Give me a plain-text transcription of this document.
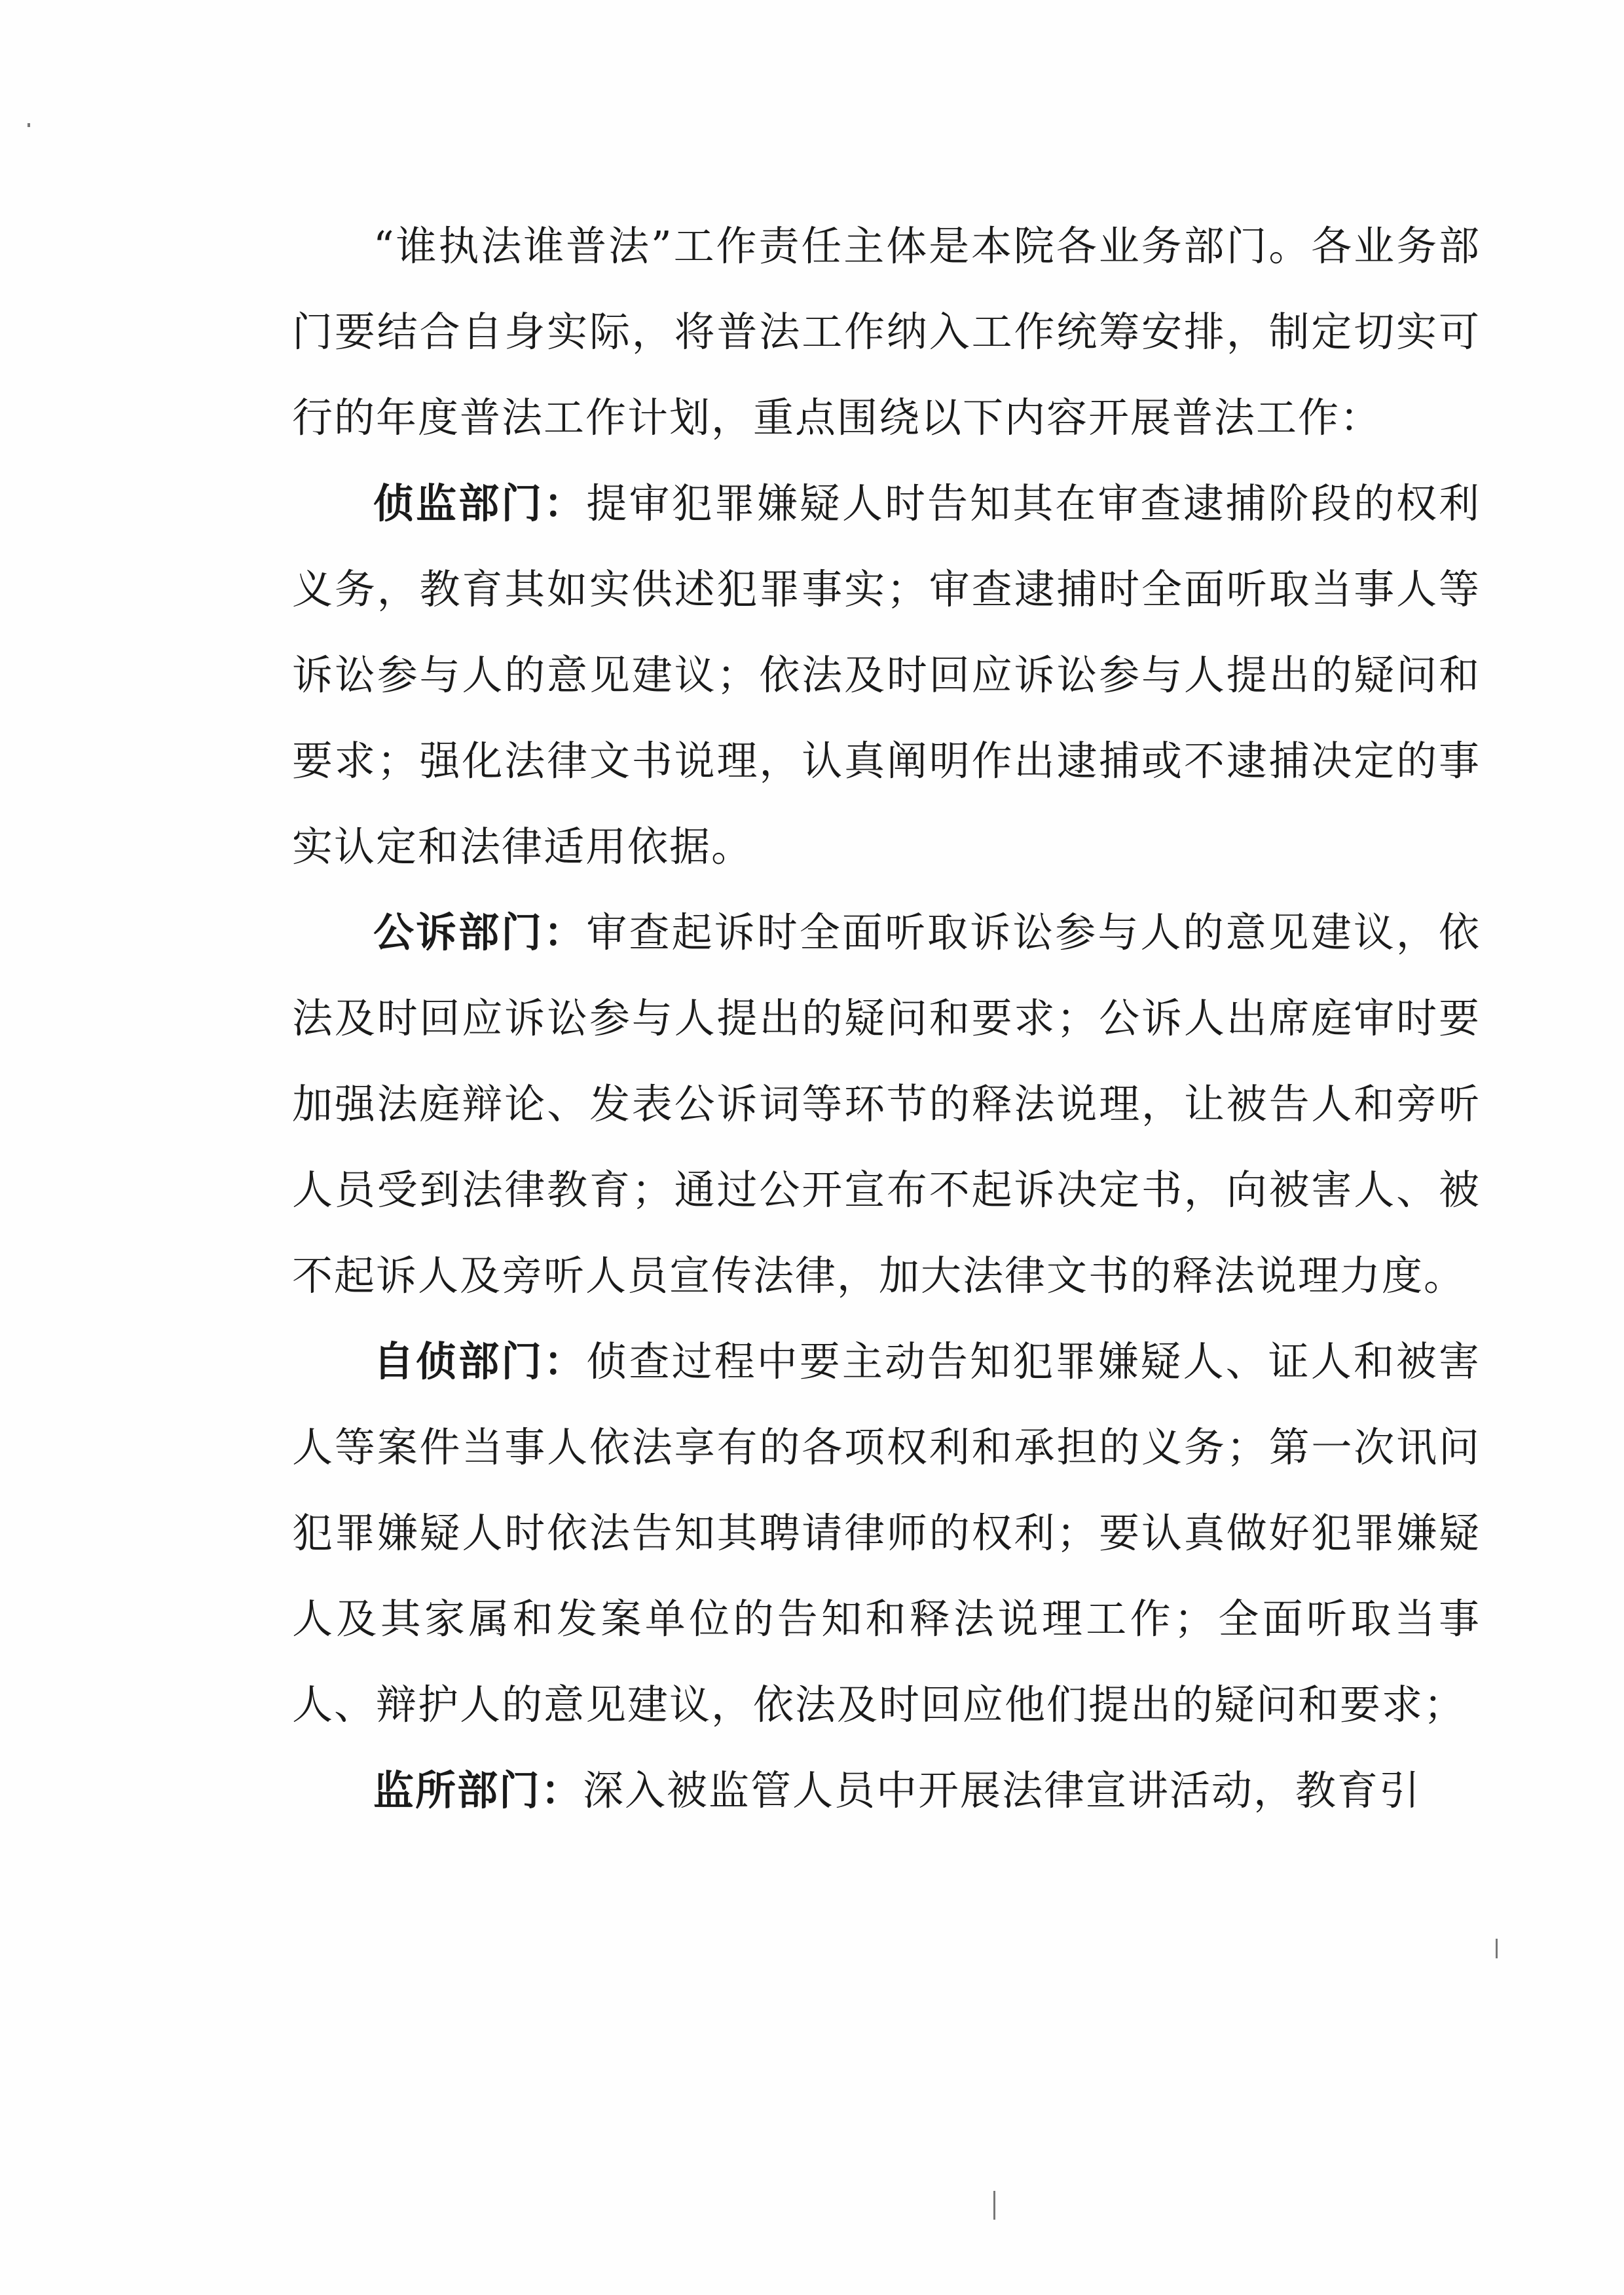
“谁执法谁普法”工作责任主体是本院各业务部门。各业务部门要结合自身实际，将普法工作纳入工作统筹安排，制定切实可行的年度普法工作计划，重点围绕以下内容开展普法工作：

侦监部门：提审犯罪嫌疑人时告知其在审查逮捕阶段的权利义务，教育其如实供述犯罪事实；审查逮捕时全面听取当事人等诉讼参与人的意见建议；依法及时回应诉讼参与人提出的疑问和要求；强化法律文书说理，认真阐明作出逮捕或不逮捕决定的事实认定和法律适用依据。

公诉部门：审查起诉时全面听取诉讼参与人的意见建议，依法及时回应诉讼参与人提出的疑问和要求；公诉人出席庭审时要加强法庭辩论、发表公诉词等环节的释法说理，让被告人和旁听人员受到法律教育；通过公开宣布不起诉决定书，向被害人、被不起诉人及旁听人员宣传法律，加大法律文书的释法说理力度。

自侦部门：侦查过程中要主动告知犯罪嫌疑人、证人和被害人等案件当事人依法享有的各项权利和承担的义务；第一次讯问犯罪嫌疑人时依法告知其聘请律师的权利；要认真做好犯罪嫌疑人及其家属和发案单位的告知和释法说理工作；全面听取当事人、辩护人的意见建议，依法及时回应他们提出的疑问和要求；

监所部门：深入被监管人员中开展法律宣讲活动，教育引
